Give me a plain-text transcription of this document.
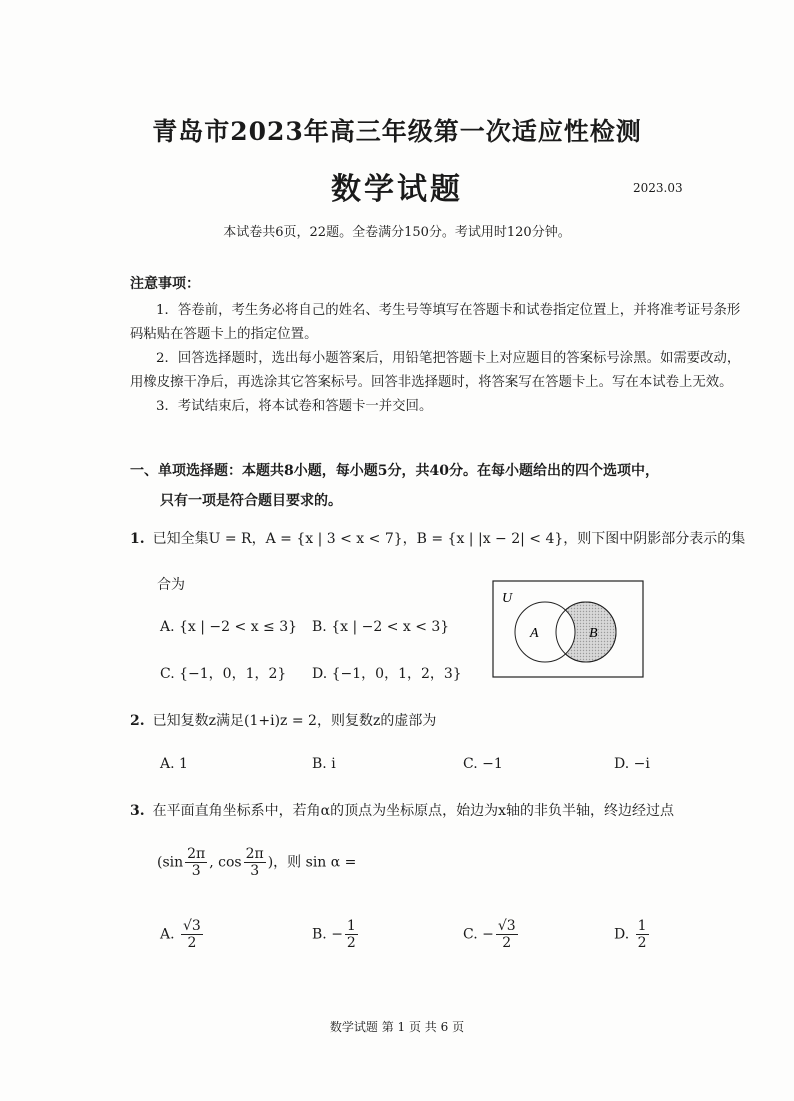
青岛市2023年高三年级第一次适应性检测
数学试题	2023.03
本试卷共6页，22题。全卷满分150分。考试用时120分钟。
注意事项：

1．答卷前，考生务必将自己的姓名、考生号等填写在答题卡和试卷指定位置上，并将准考证号条形码粘贴在答题卡上的指定位置。

2．回答选择题时，选出每小题答案后，用铅笔把答题卡上对应题目的答案标号涂黑。如需要改动，用橡皮擦干净后，再选涂其它答案标号。回答非选择题时，将答案写在答题卡上。写在本试卷上无效。

3．考试结束后，将本试卷和答题卡一并交回。

一、单项选择题：本题共8小题，每小题5分，共40分。在每小题给出的四个选项中，
只有一项是符合题目要求的。
1. 已知全集U = R，A = {x | 3 < x < 7}，B = {x | |x − 2| < 4}，则下图中阴影部分表示的集
合为
A. {x | −2 < x ≤ 3} B. {x | −2 < x < 3}
C. {−1，0，1，2} D. {−1，0，1，2，3}
U
A	B
2. 已知复数z满足(1+i)z = 2，则复数z的虚部为
A. 1	B. i	C. −1	D. −i
3. 在平面直角坐标系中，若角α的顶点为坐标原点，始边为x轴的非负半轴，终边经过点
($\sin \frac{2\pi}{3}$ , $\cos \frac{2\pi}{3}$ )，则 sin α =
A. $\frac{√3}{2}$	B. − $\frac{1}{2}$	C. − $\frac{√3}{2}$	D. $\frac{1}{2}$
数学试题 第 1 页 共 6 页
